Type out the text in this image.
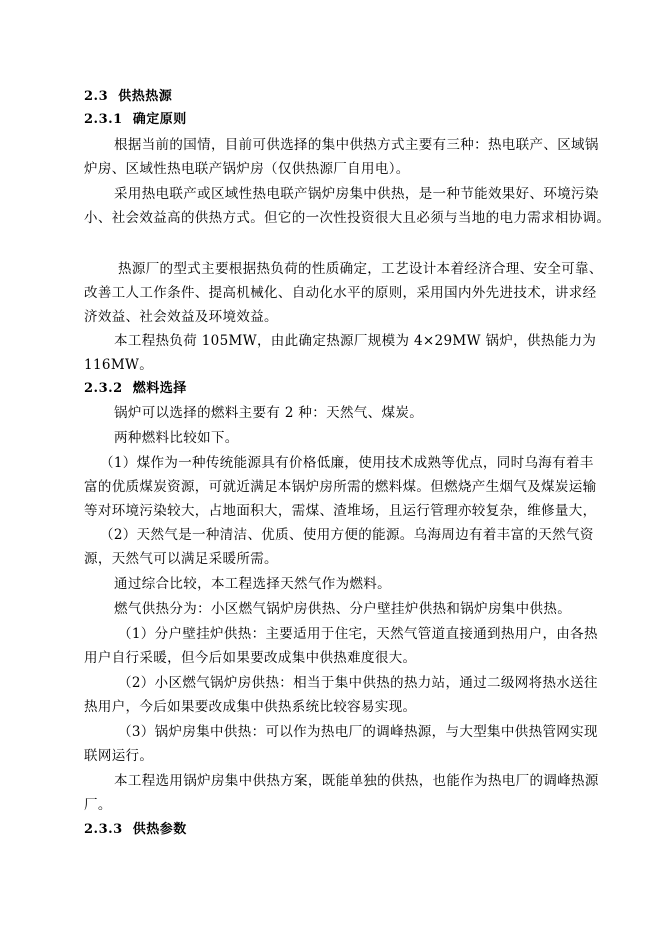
2.3 供热热源
2.3.1 确定原则
根据当前的国情，目前可供选择的集中供热方式主要有三种：热电联产、区域锅
炉房、区域性热电联产锅炉房（仅供热源厂自用电）。
采用热电联产或区域性热电联产锅炉房集中供热，是一种节能效果好、环境污染
小、社会效益高的供热方式。但它的一次性投资很大且必须与当地的电力需求相协调。
热源厂的型式主要根据热负荷的性质确定，工艺设计本着经济合理、安全可靠、
改善工人工作条件、提高机械化、自动化水平的原则，采用国内外先进技术，讲求经
济效益、社会效益及环境效益。
本工程热负荷 105MW，由此确定热源厂规模为 4×29MW 锅炉，供热能力为
116MW。
2.3.2 燃料选择
锅炉可以选择的燃料主要有 2 种：天然气、煤炭。
两种燃料比较如下。
（1）煤作为一种传统能源具有价格低廉，使用技术成熟等优点，同时乌海有着丰
富的优质煤炭资源，可就近满足本锅炉房所需的燃料煤。但燃烧产生烟气及煤炭运输
等对环境污染较大，占地面积大，需煤、渣堆场，且运行管理亦较复杂，维修量大，
（2）天然气是一种清洁、优质、使用方便的能源。乌海周边有着丰富的天然气资
源，天然气可以满足采暖所需。
通过综合比较，本工程选择天然气作为燃料。
燃气供热分为：小区燃气锅炉房供热、分户壁挂炉供热和锅炉房集中供热。
（1）分户壁挂炉供热：主要适用于住宅，天然气管道直接通到热用户，由各热
用户自行采暖，但今后如果要改成集中供热难度很大。
（2）小区燃气锅炉房供热：相当于集中供热的热力站，通过二级网将热水送往
热用户，今后如果要改成集中供热系统比较容易实现。
（3）锅炉房集中供热：可以作为热电厂的调峰热源，与大型集中供热管网实现
联网运行。
本工程选用锅炉房集中供热方案，既能单独的供热，也能作为热电厂的调峰热源
厂。
2.3.3 供热参数
